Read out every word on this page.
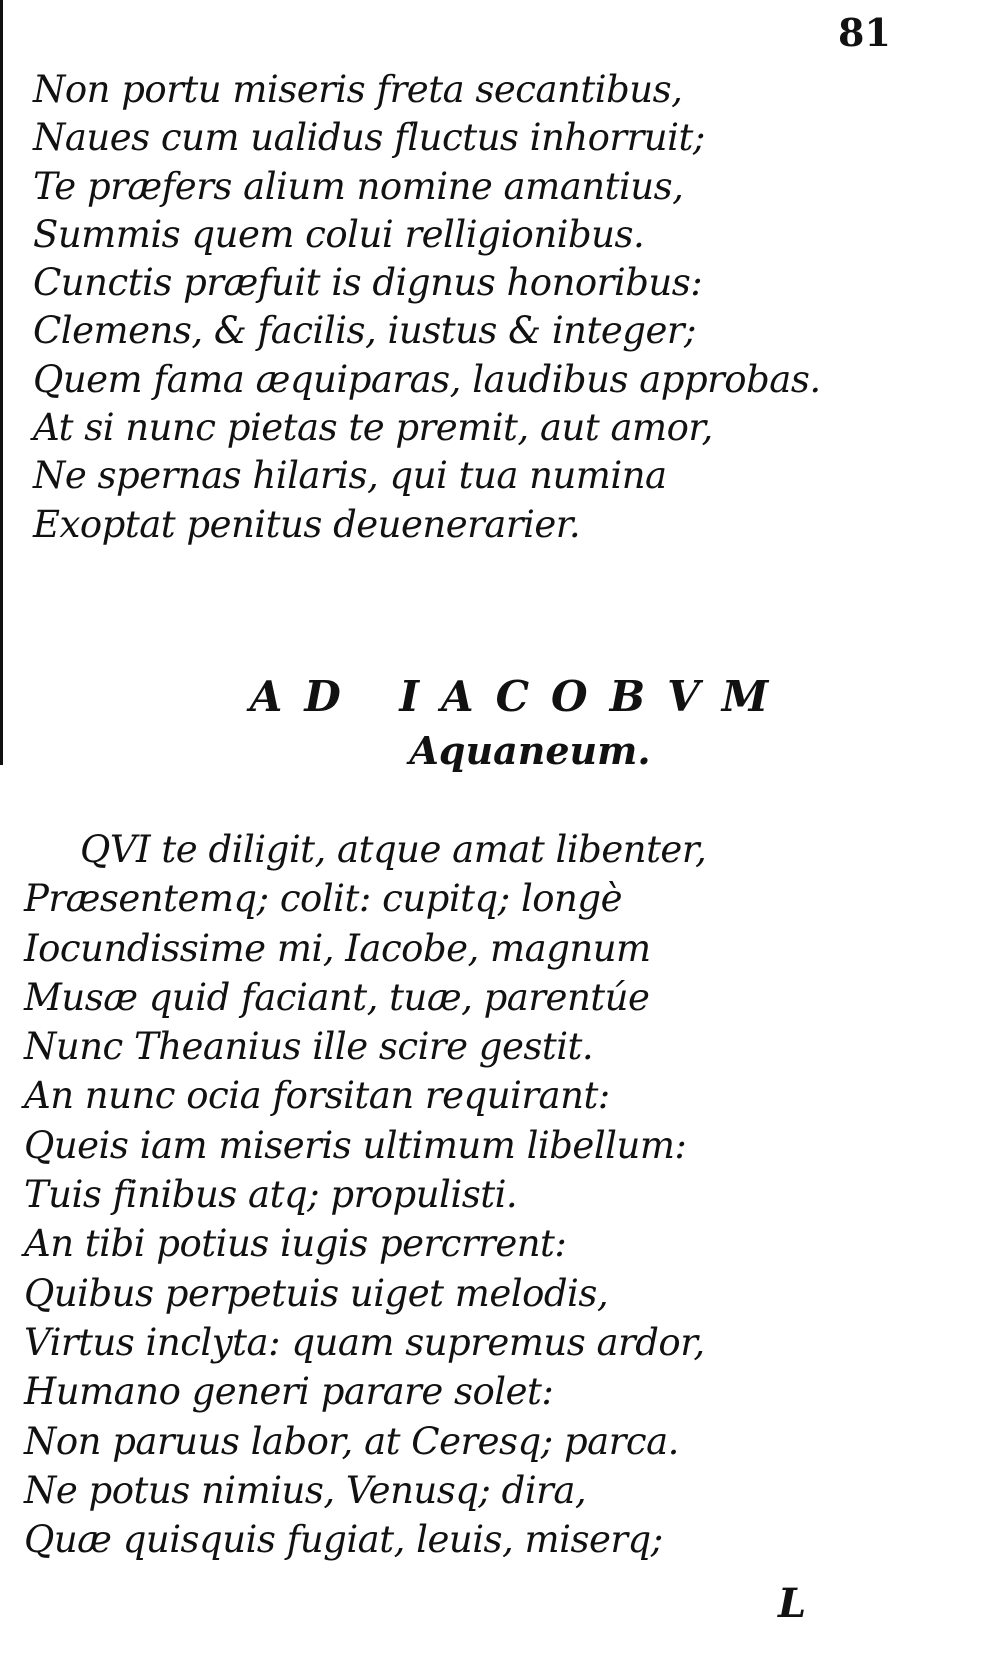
81
Non portu miseris freta secantibus,
Naues cum ualidus fluctus inhorruit;
Te præfers alium nomine amantius,
Summis quem colui relligionibus.
Cunctis præfuit is dignus honoribus:
Clemens, & facilis, iustus & integer;
Quem fama æquiparas, laudibus approbas.
At si nunc pietas te premit, aut amor,
Ne spernas hilaris, qui tua numina
Exoptat penitus deuenerarier.
AD IACOBVM
Aquaneum.
QVI te diligit, atque amat libenter,
Præsentemq; colit: cupitq; longè
Iocundissime mi, Iacobe, magnum
Musæ quid faciant, tuæ, parentúe
Nunc Theanius ille scire gestit.
An nunc ocia forsitan requirant:
Queis iam miseris ultimum libellum:
Tuis finibus atq; propulisti.
An tibi potius iugis percrrent:
Quibus perpetuis uiget melodis,
Virtus inclyta: quam supremus ardor,
Humano generi parare solet:
Non paruus labor, at Ceresq; parca.
Ne potus nimius, Venusq; dira,
Quæ quisquis fugiat, leuis, miserq;
L
